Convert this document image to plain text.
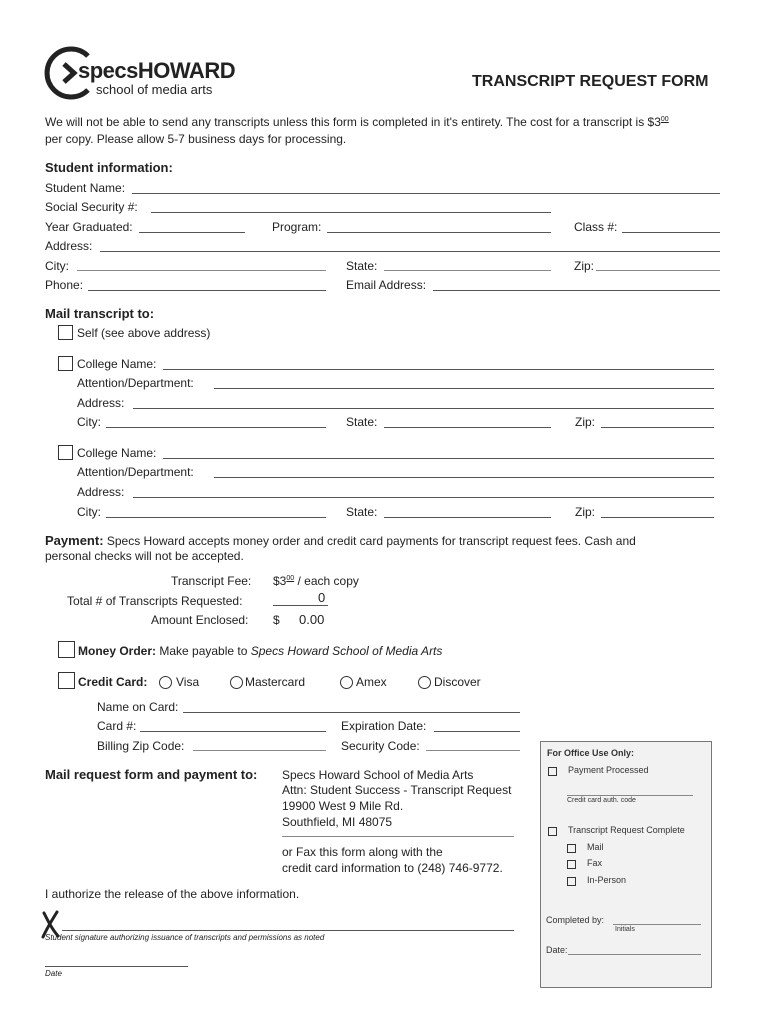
specsHOWARD
school of media arts	TRANSCRIPT REQUEST FORM
We will not be able to send any transcripts unless this form is completed in it's entirety. The cost for a transcript is $\$3^{00}$
per copy. Please allow 5-7 business days for processing.
Student information:
Student Name:
Social Security #:
Year Graduated:	Program:	Class #:
Address:
City:	State:	Zip:
Phone:	Email Address:
Mail transcript to:
Self (see above address)
College Name:
Attention/Department:
Address:
City:	State:	Zip:
College Name:
Attention/Department:
Address:
City:	State:	Zip:
Payment: Specs Howard accepts money order and credit card payments for transcript request fees. Cash and
personal checks will not be accepted.
Transcript Fee: $\$3^{00}$ / each copy
Total # of Transcripts Requested:	0
Amount Enclosed: $ 0.00
Money Order: Make payable to Specs Howard School of Media Arts
Credit Card: Visa	Mastercard	Amex	Discover
Name on Card:
Card #:	Expiration Date:
Billing Zip Code:	Security Code:
Mail request form and payment to: Specs Howard School of Media Arts
Attn: Student Success - Transcript Request
19900 West 9 Mile Rd.
Southfield, MI 48075
or Fax this form along with the
credit card information to (248) 746-9772.
I authorize the release of the above information.
Student signature authorizing issuance of transcripts and permissions as noted
Date
For Office Use Only:
Payment Processed
Credit card auth. code
Transcript Request Complete
Mail
Fax
In-Person
Completed by:
Initials
Date:
